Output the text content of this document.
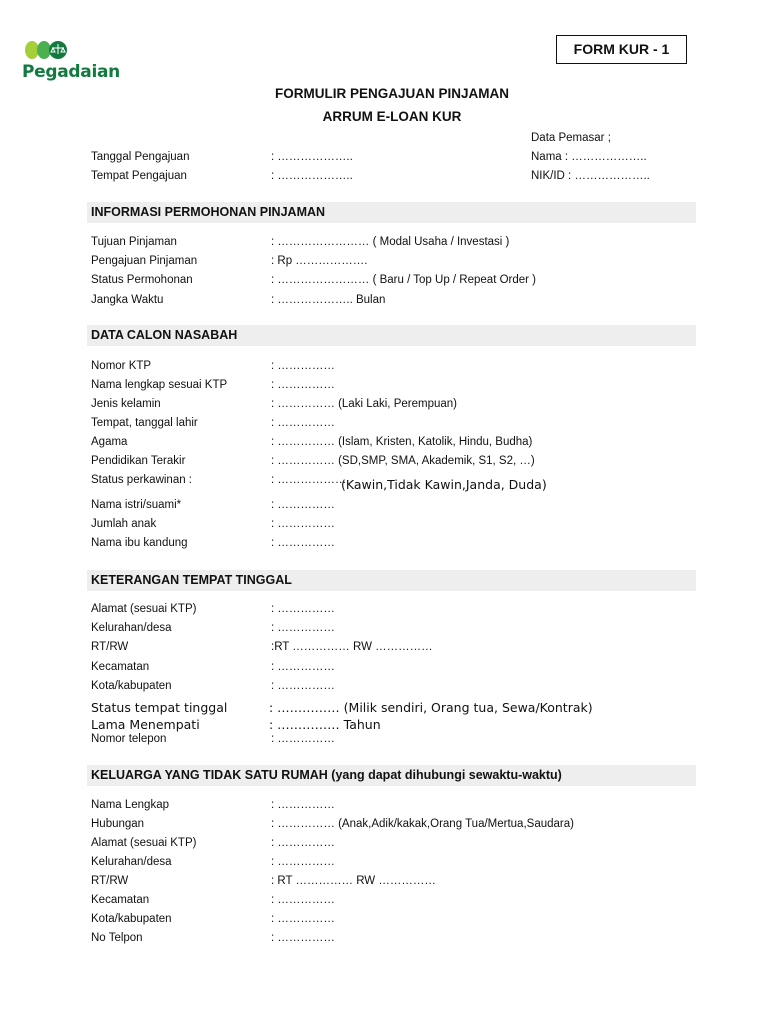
Pegadaian
FORM KUR - 1
FORMULIR PENGAJUAN PINJAMAN
ARRUM E-LOAN KUR
Data Pemasar ;
Nama : ………………..
NIK/ID : ………………..
Tanggal Pengajuan	: ………………..
Tempat Pengajuan	: ………………..
INFORMASI PERMOHONAN PINJAMAN
Tujuan Pinjaman	: …………………… ( Modal Usaha / Investasi )
Pengajuan Pinjaman	: Rp ……………….
Status Permohonan	: …………………… ( Baru / Top Up / Repeat Order )
Jangka Waktu	: ……………….. Bulan
DATA CALON NASABAH
Nomor KTP	: ……………
Nama lengkap sesuai KTP	: ……………
Jenis kelamin	: …………… (Laki Laki, Perempuan)
Tempat, tanggal lahir	: ……………
Agama	: …………… (Islam, Kristen, Katolik, Hindu, Budha)
Pendidikan Terakir	: …………… (SD,SMP, SMA, Akademik, S1, S2, …)
Status perkawinan :	: ………………
(Kawin,Tidak Kawin,Janda, Duda)
Nama istri/suami*	: ……………
Jumlah anak	: ……………
Nama ibu kandung	: ……………
KETERANGAN TEMPAT TINGGAL
Alamat (sesuai KTP)	: ……………
Kelurahan/desa	: ……………
RT/RW	:RT …………… RW ……………
Kecamatan	: ……………
Kota/kabupaten	: ……………
Status tempat tinggal	: …………… (Milik sendiri, Orang tua, Sewa/Kontrak)
Lama Menempati	: …………… Tahun
Nomor telepon	: ……………
KELUARGA YANG TIDAK SATU RUMAH (yang dapat dihubungi sewaktu-waktu)
Nama Lengkap	: ……………
Hubungan	: …………… (Anak,Adik/kakak,Orang Tua/Mertua,Saudara)
Alamat (sesuai KTP)	: ……………
Kelurahan/desa	: ……………
RT/RW	: RT …………… RW ……………
Kecamatan	: ……………
Kota/kabupaten	: ……………
No Telpon	: ……………
